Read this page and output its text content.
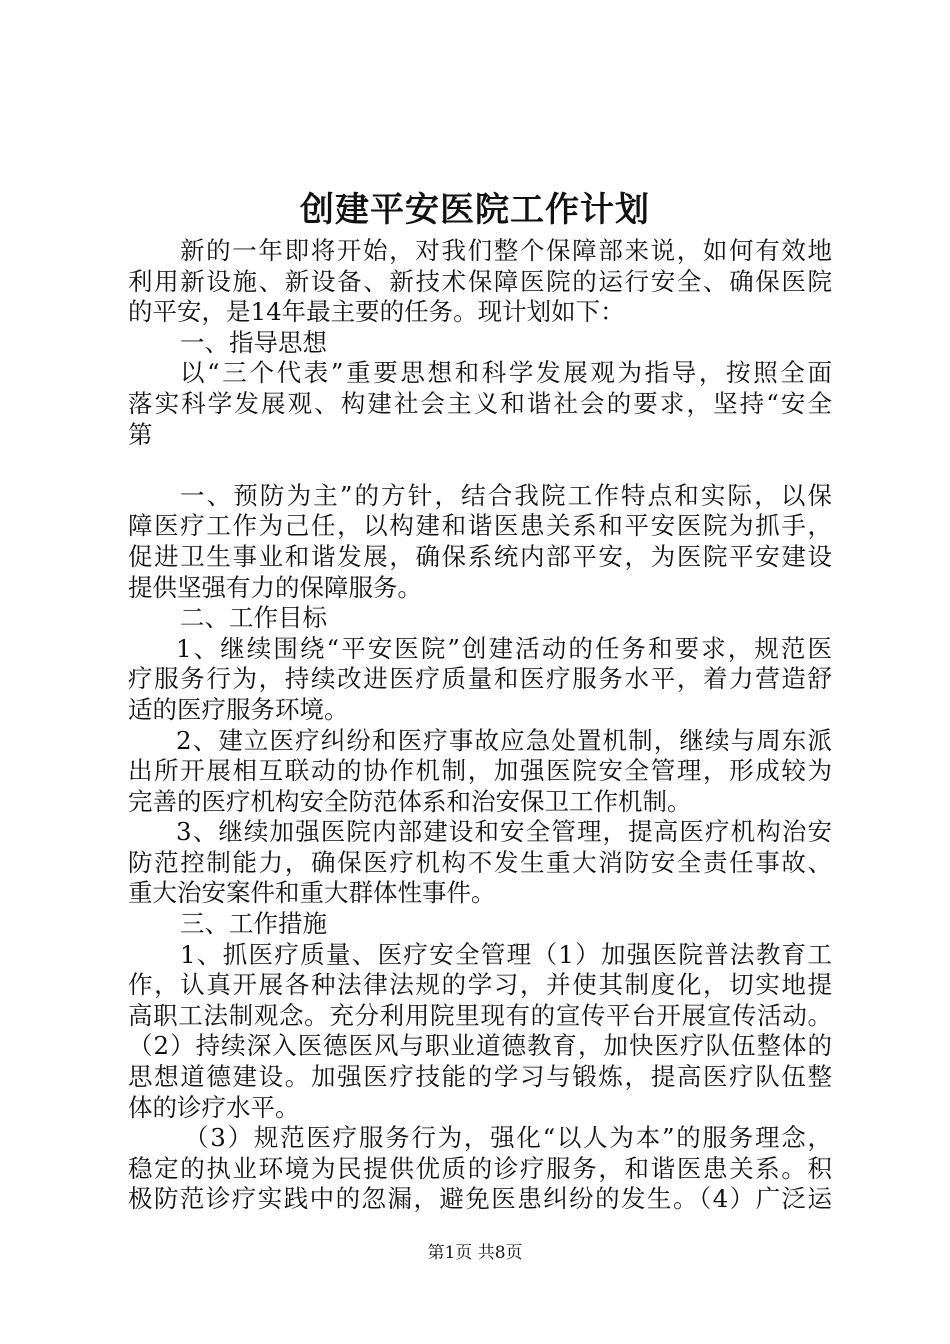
创建平安医院工作计划
新的一年即将开始，对我们整个保障部来说，如何有效地
利用新设施、新设备、新技术保障医院的运行安全、确保医院
的平安，是14年最主要的任务。现计划如下：
一、指导思想
以“三个代表”重要思想和科学发展观为指导，按照全面
落实科学发展观、构建社会主义和谐社会的要求，坚持“安全
第
一、预防为主”的方针，结合我院工作特点和实际，以保
障医疗工作为己任，以构建和谐医患关系和平安医院为抓手，
促进卫生事业和谐发展，确保系统内部平安，为医院平安建设
提供坚强有力的保障服务。
二、工作目标
1、继续围绕“平安医院”创建活动的任务和要求，规范医
疗服务行为，持续改进医疗质量和医疗服务水平，着力营造舒
适的医疗服务环境。
2、建立医疗纠纷和医疗事故应急处置机制，继续与周东派
出所开展相互联动的协作机制，加强医院安全管理，形成较为
完善的医疗机构安全防范体系和治安保卫工作机制。
3、继续加强医院内部建设和安全管理，提高医疗机构治安
防范控制能力，确保医疗机构不发生重大消防安全责任事故、
重大治安案件和重大群体性事件。
三、工作措施
1、抓医疗质量、医疗安全管理（1）加强医院普法教育工
作，认真开展各种法律法规的学习，并使其制度化，切实地提
高职工法制观念。充分利用院里现有的宣传平台开展宣传活动。
（2）持续深入医德医风与职业道德教育，加快医疗队伍整体的
思想道德建设。加强医疗技能的学习与锻炼，提高医疗队伍整
体的诊疗水平。
（3）规范医疗服务行为，强化“以人为本”的服务理念，
稳定的执业环境为民提供优质的诊疗服务，和谐医患关系。积
极防范诊疗实践中的忽漏，避免医患纠纷的发生。（4）广泛运
第1页 共8页
